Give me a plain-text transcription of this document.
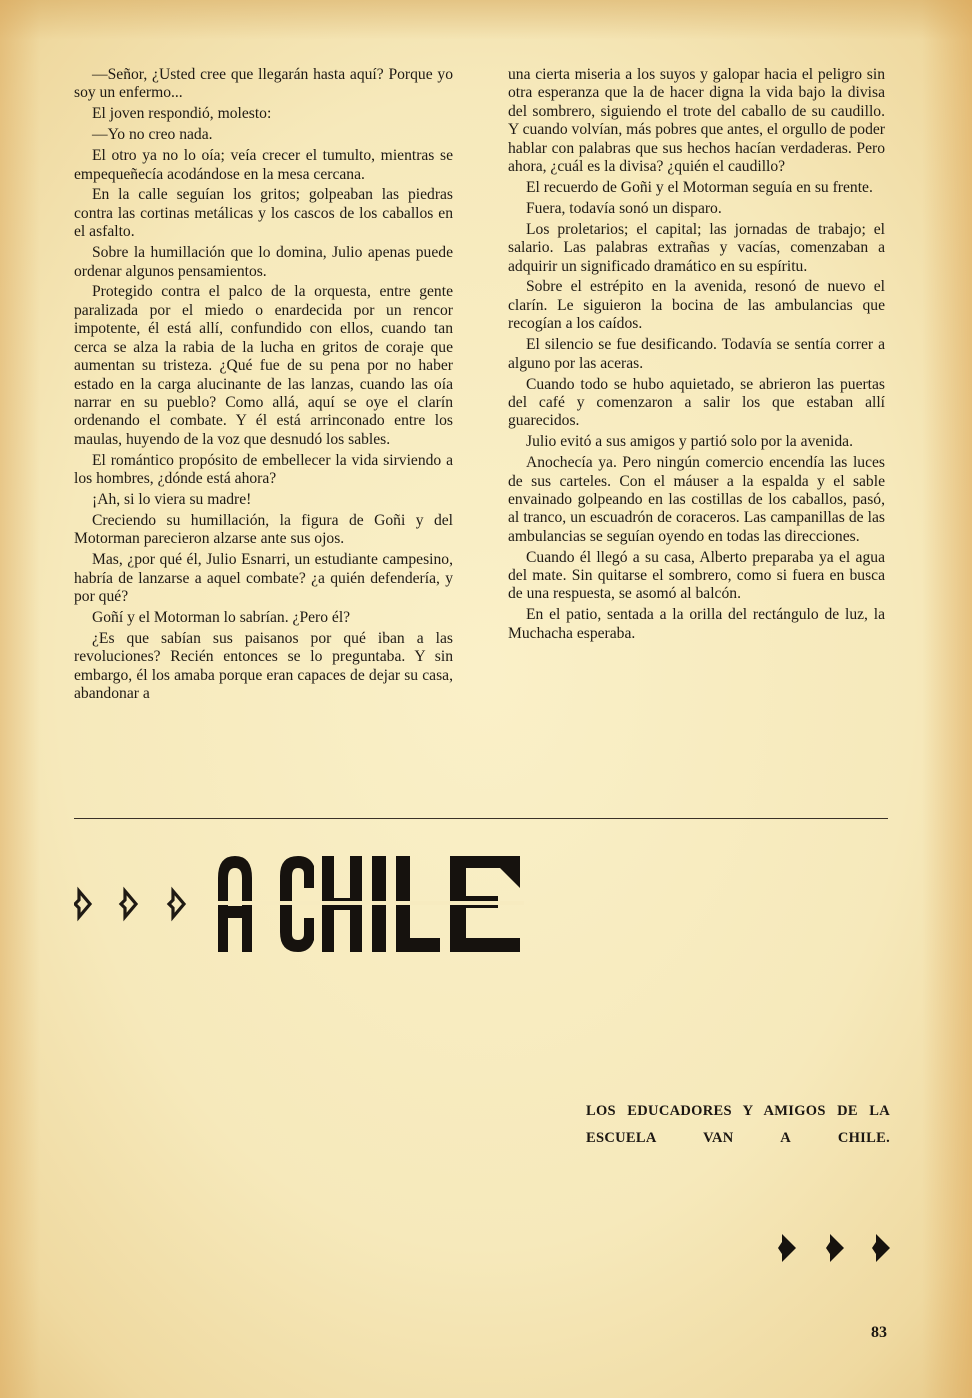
—Señor, ¿Usted cree que llegarán hasta aquí? Porque yo soy un enfermo...

El joven respondió, molesto:

—Yo no creo nada.

El otro ya no lo oía; veía crecer el tumulto, mientras se empequeñecía acodándose en la mesa cercana.

En la calle seguían los gritos; golpeaban las piedras contra las cortinas metálicas y los cascos de los caballos en el asfalto.

Sobre la humillación que lo domina, Julio apenas puede ordenar algunos pensamientos.

Protegido contra el palco de la orquesta, entre gente paralizada por el miedo o enardecida por un rencor impotente, él está allí, confundido con ellos, cuando tan cerca se alza la rabia de la lucha en gritos de coraje que aumentan su tristeza. ¿Qué fue de su pena por no haber estado en la carga alucinante de las lanzas, cuando las oía narrar en su pueblo? Como allá, aquí se oye el clarín ordenando el combate. Y él está arrinconado entre los maulas, huyendo de la voz que desnudó los sables.

El romántico propósito de embellecer la vida sirviendo a los hombres, ¿dónde está ahora?

¡Ah, si lo viera su madre!

Creciendo su humillación, la figura de Goñi y del Motorman parecieron alzarse ante sus ojos.

Mas, ¿por qué él, Julio Esnarri, un estudiante campesino, habría de lanzarse a aquel combate? ¿a quién defendería, y por qué?

Goñí y el Motorman lo sabrían. ¿Pero él?

¿Es que sabían sus paisanos por qué iban a las revoluciones? Recién entonces se lo preguntaba. Y sin embargo, él los amaba porque eran capaces de dejar su casa, abandonar a

una cierta miseria a los suyos y galopar hacia el peligro sin otra esperanza que la de hacer digna la vida bajo la divisa del sombrero, siguiendo el trote del caballo de su caudillo. Y cuando volvían, más pobres que antes, el orgullo de poder hablar con palabras que sus hechos hacían verdaderas. Pero ahora, ¿cuál es la divisa? ¿quién el caudillo?

El recuerdo de Goñi y el Motorman seguía en su frente.

Fuera, todavía sonó un disparo.

Los proletarios; el capital; las jornadas de trabajo; el salario. Las palabras extrañas y vacías, comenzaban a adquirir un significado dramático en su espíritu.

Sobre el estrépito en la avenida, resonó de nuevo el clarín. Le siguieron la bocina de las ambulancias que recogían a los caídos.

El silencio se fue desificando. Todavía se sentía correr a alguno por las aceras.

Cuando todo se hubo aquietado, se abrieron las puertas del café y comenzaron a salir los que estaban allí guarecidos.

Julio evitó a sus amigos y partió solo por la avenida.

Anochecía ya. Pero ningún comercio encendía las luces de sus carteles. Con el máuser a la espalda y el sable envainado golpeando en las costillas de los caballos, pasó, al tranco, un escuadrón de coraceros. Las campanillas de las ambulancias se seguían oyendo en todas las direcciones.

Cuando él llegó a su casa, Alberto preparaba ya el agua del mate. Sin quitarse el sombrero, como si fuera en busca de una respuesta, se asomó al balcón.

En el patio, sentada a la orilla del rectángulo de luz, la Muchacha esperaba.

LOS EDUCADORES Y AMIGOS DE LA ESCUELA VAN A CHILE.
83
